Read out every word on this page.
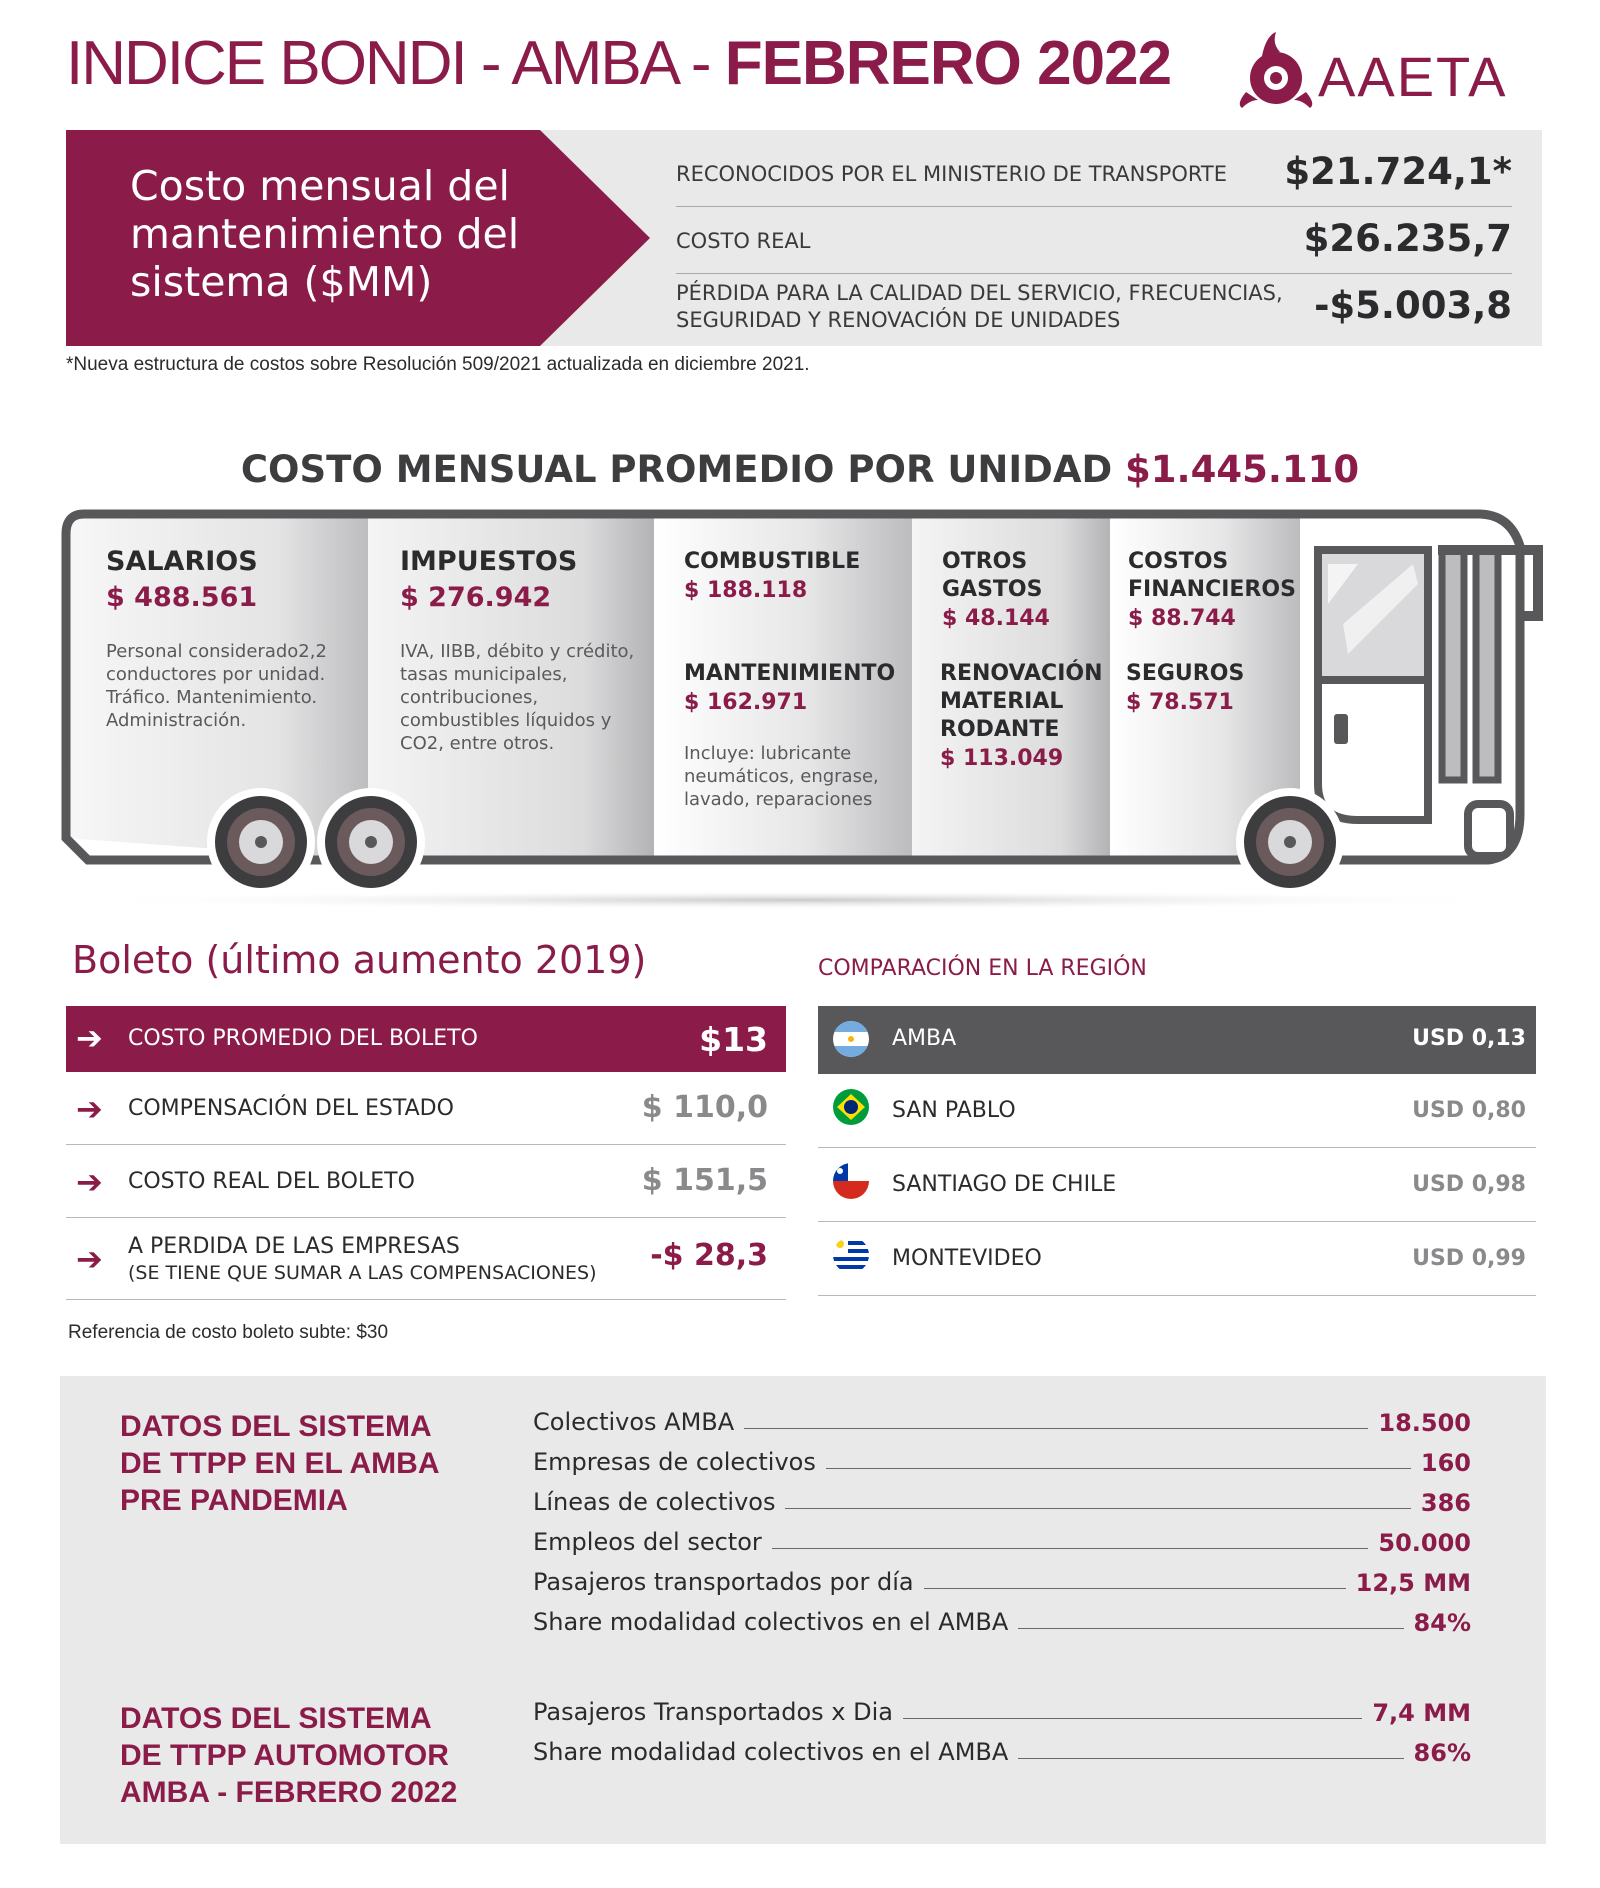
INDICE BONDI - AMBA - FEBRERO 2022	AAETA
Costo mensual del mantenimiento del sistema ($MM)
RECONOCIDOS POR EL MINISTERIO DE TRANSPORTE $21.724,1*
COSTO REAL	$26.235,7
PÉRDIDA PARA LA CALIDAD DEL SERVICIO, FRECUENCIAS,
SEGURIDAD Y RENOVACIÓN DE UNIDADES	-$5.003,8
*Nueva estructura de costos sobre Resolución 509/2021 actualizada en diciembre 2021.
COSTO MENSUAL PROMEDIO POR UNIDAD $1.445.110
SALARIOS
$ 488.561
Personal considerado2,2 conductores por unidad. Tráfico. Mantenimiento. Administración.
IMPUESTOS
$ 276.942
IVA, IIBB, débito y crédito, tasas municipales, contribuciones, combustibles líquidos y CO2, entre otros.
COMBUSTIBLE
$ 188.118
MANTENIMIENTO
$ 162.971
Incluye: lubricante neumáticos, engrase, lavado, reparaciones
OTROS
GASTOS
$ 48.144
RENOVACIÓN
MATERIAL
RODANTE
$ 113.049
COSTOS
FINANCIEROS
$ 88.744
SEGUROS
$ 78.571
Boleto (último aumento 2019)
➔ COSTO PROMEDIO DEL BOLETO	$13
➔ COMPENSACIÓN DEL ESTADO	$ 110,0
➔ COSTO REAL DEL BOLETO	$ 151,5
➔ A PERDIDA DE LAS EMPRESAS
(SE TIENE QUE SUMAR A LAS COMPENSACIONES) -$ 28,3
Referencia de costo boleto subte: $30
COMPARACIÓN EN LA REGIÓN
AMBA	USD 0,13
SAN PABLO	USD 0,80
SANTIAGO DE CHILE	USD 0,98
MONTEVIDEO	USD 0,99
DATOS DEL SISTEMA
DE TTPP EN EL AMBA
PRE PANDEMIA
Colectivos AMBA	18.500
Empresas de colectivos	160
Líneas de colectivos	386
Empleos del sector	50.000
Pasajeros transportados por día	12,5 MM
Share modalidad colectivos en el AMBA	84%
DATOS DEL SISTEMA
DE TTPP AUTOMOTOR
AMBA - FEBRERO 2022
Pasajeros Transportados x Dia	7,4 MM
Share modalidad colectivos en el AMBA	86%
